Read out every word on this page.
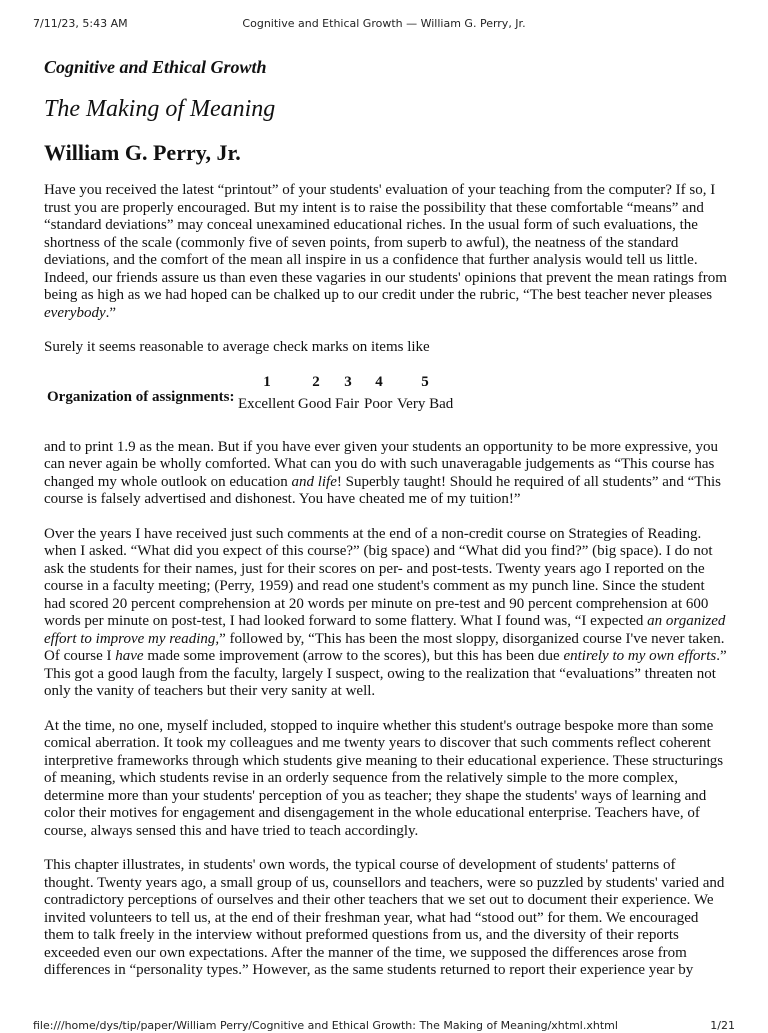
7/11/23, 5:43 AM	Cognitive and Ethical Growth — William G. Perry, Jr.
Cognitive and Ethical Growth
The Making of Meaning
William G. Perry, Jr.

Have you received the latest “printout” of your students' evaluation of your teaching from the computer? If so, I trust you are properly encouraged. But my intent is to raise the possibility that these comfortable “means” and “standard deviations” may conceal unexamined educational riches. In the usual form of such evaluations, the shortness of the scale (commonly five of seven points, from superb to awful), the neatness of the standard deviations, and the comfort of the mean all inspire in us a confidence that further analysis would tell us little. Indeed, our friends assure us than even these vagaries in our students' opinions that prevent the mean ratings from being as high as we had hoped can be chalked up to our credit under the rubric, “The best teacher never pleases everybody.”

Surely it seems reasonable to average check marks on items like

Organization of assignments:
1	2	3	4	5
Excellent Good Fair Poor Very Bad

and to print 1.9 as the mean. But if you have ever given your students an opportunity to be more expressive, you can never again be wholly comforted. What can you do with such unaveragable judgements as “This course has changed my whole outlook on education and life! Superbly taught! Should he required of all students” and “This course is falsely advertised and dishonest. You have cheated me of my tuition!”

Over the years I have received just such comments at the end of a non-credit course on Strategies of Reading. when I asked. “What did you expect of this course?” (big space) and “What did you find?” (big space). I do not ask the students for their names, just for their scores on per- and post-tests. Twenty years ago I reported on the course in a faculty meeting; (Perry, 1959) and read one student's comment as my punch line. Since the student had scored 20 percent comprehension at 20 words per minute on pre-test and 90 percent comprehension at 600 words per minute on post-test, I had looked forward to some flattery. What I found was, “I expected an organized effort to improve my reading,” followed by, “This has been the most sloppy, disorganized course I've never taken. Of course I have made some improvement (arrow to the scores), but this has been due entirely to my own efforts.” This got a good laugh from the faculty, largely I suspect, owing to the realization that “evaluations” threaten not only the vanity of teachers but their very sanity at well.

At the time, no one, myself included, stopped to inquire whether this student's outrage bespoke more than some comical aberration. It took my colleagues and me twenty years to discover that such comments reflect coherent interpretive frameworks through which students give meaning to their educational experience. These structurings of meaning, which students revise in an orderly sequence from the relatively simple to the more complex, determine more than your students' perception of you as teacher; they shape the students' ways of learning and color their motives for engagement and disengagement in the whole educational enterprise. Teachers have, of course, always sensed this and have tried to teach accordingly.

This chapter illustrates, in students' own words, the typical course of development of students' patterns of thought. Twenty years ago, a small group of us, counsellors and teachers, were so puzzled by students' varied and contradictory perceptions of ourselves and their other teachers that we set out to document their experience. We invited volunteers to tell us, at the end of their freshman year, what had “stood out” for them. We encouraged them to talk freely in the interview without preformed questions from us, and the diversity of their reports exceeded even our own expectations. After the manner of the time, we supposed the differences arose from differences in “personality types.” However, as the same students returned to report their experience year by

file:///home/dys/tip/paper/William Perry/Cognitive and Ethical Growth: The Making of Meaning/xhtml.xhtml	1/21
